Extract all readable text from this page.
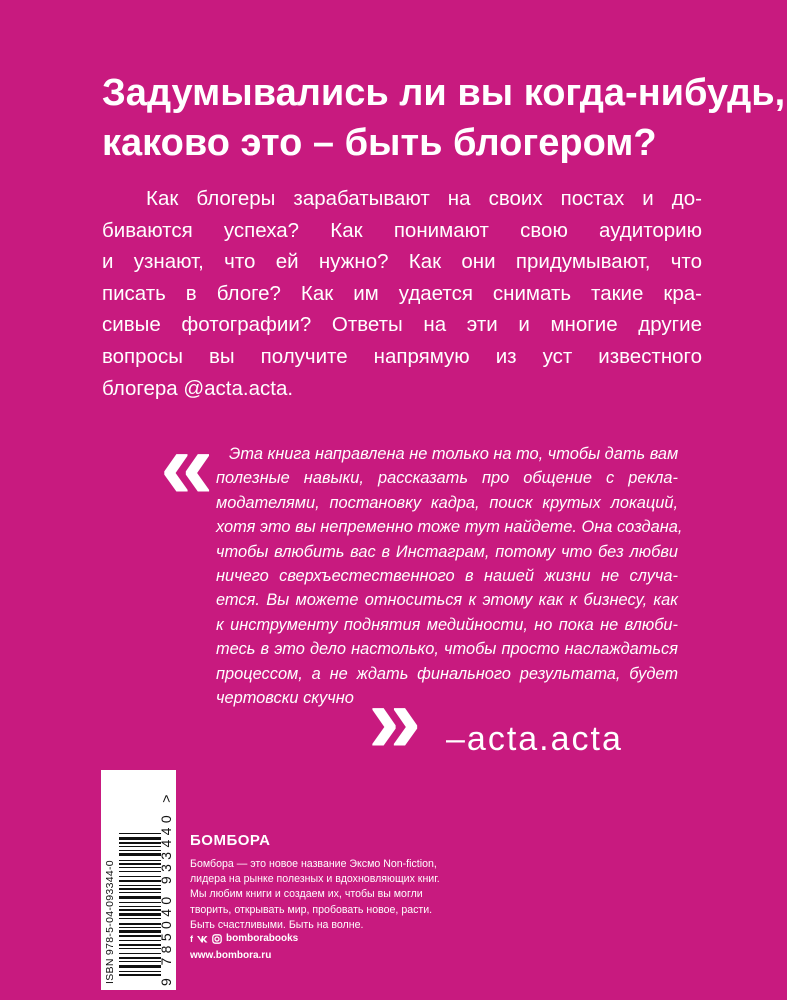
Задумывались ли вы когда-нибудь,
каково это – быть блогером?
Как блогеры зарабатывают на своих постах и до-
биваются успеха? Как понимают свою аудиторию
и узнают, что ей нужно? Как они придумывают, что
писать в блоге? Как им удается снимать такие кра-
сивые фотографии? Ответы на эти и многие другие
вопросы вы получите напрямую из уст известного
блогера @acta.acta.
«	Эта книга направлена не только на то, чтобы дать вам
полезные навыки, рассказать про общение с рекла-
модателями, постановку кадра, поиск крутых локаций,
хотя это вы непременно тоже тут найдете. Она создана,
чтобы влюбить вас в Инстаграм, потому что без любви
ничего сверхъестественного в нашей жизни не случа-
ется. Вы можете относиться к этому как к бизнесу, как
к инструменту поднятия медийности, но пока не влюби-
тесь в это дело настолько, чтобы просто наслаждаться
процессом, а не ждать финального результата, будет
чертовски скучно » –acta.acta
ISBN 978-5-04-093344-0	9 785040 933440 > БОМБОРА
Бомбора — это новое название Эксмо Non-fiction,
лидера на рынке полезных и вдохновляющих книг.
Мы любим книги и создаем их, чтобы вы могли
творить, открывать мир, пробовать новое, расти.
Быть счастливыми. Быть на волне.
f	bomborabooks
www.bombora.ru
